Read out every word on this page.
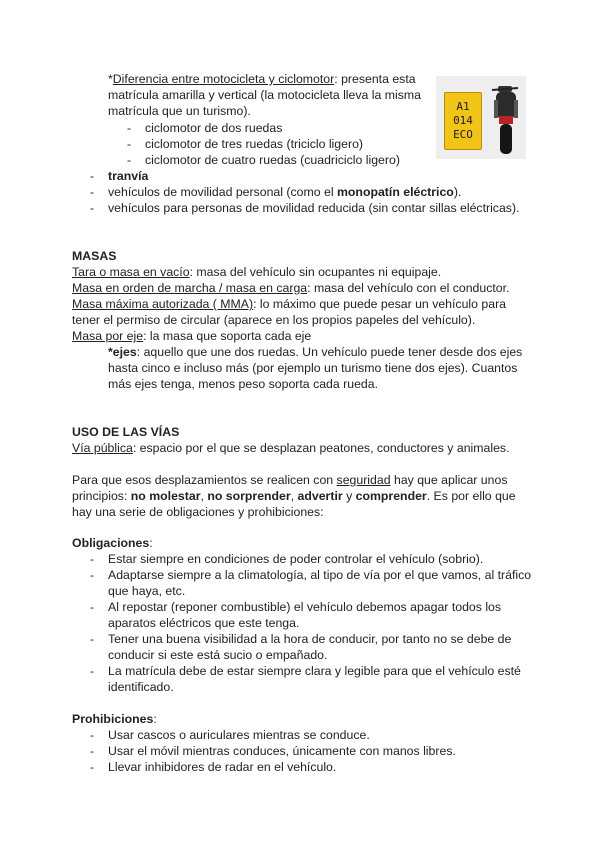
*Diferencia entre motocicleta y ciclomotor: presenta esta
matrícula amarilla y vertical (la motocicleta lleva la misma
matrícula que un turismo).
- ciclomotor de dos ruedas
- ciclomotor de tres ruedas (triciclo ligero)
- ciclomotor de cuatro ruedas (cuadriciclo ligero)
A1
014
ECO
- tranvía
- vehículos de movilidad personal (como el monopatín eléctrico).
- vehículos para personas de movilidad reducida (sin contar sillas eléctricas).
MASAS
Tara o masa en vacío: masa del vehículo sin ocupantes ni equipaje.
Masa en orden de marcha / masa en carga: masa del vehículo con el conductor.
Masa máxima autorizada ( MMA): lo máximo que puede pesar un vehículo para
tener el permiso de circular (aparece en los propios papeles del vehículo).
Masa por eje: la masa que soporta cada eje
*ejes: aquello que une dos ruedas. Un vehículo puede tener desde dos ejes
hasta cinco e incluso más (por ejemplo un turismo tiene dos ejes). Cuantos
más ejes tenga, menos peso soporta cada rueda.
USO DE LAS VÍAS
Vía pública: espacio por el que se desplazan peatones, conductores y animales.
Para que esos desplazamientos se realicen con seguridad hay que aplicar unos
principios: no molestar, no sorprender, advertir y comprender. Es por ello que
hay una serie de obligaciones y prohibiciones:
Obligaciones:
- Estar siempre en condiciones de poder controlar el vehículo (sobrio).
- Adaptarse siempre a la climatología, al tipo de vía por el que vamos, al tráfico
que haya, etc.
- Al repostar (reponer combustible) el vehículo debemos apagar todos los
aparatos eléctricos que este tenga.
- Tener una buena visibilidad a la hora de conducir, por tanto no se debe de
conducir si este está sucio o empañado.
- La matrícula debe de estar siempre clara y legible para que el vehículo esté
identificado.
Prohibiciones:
- Usar cascos o auriculares mientras se conduce.
- Usar el móvil mientras conduces, únicamente con manos libres.
- Llevar inhibidores de radar en el vehículo.
